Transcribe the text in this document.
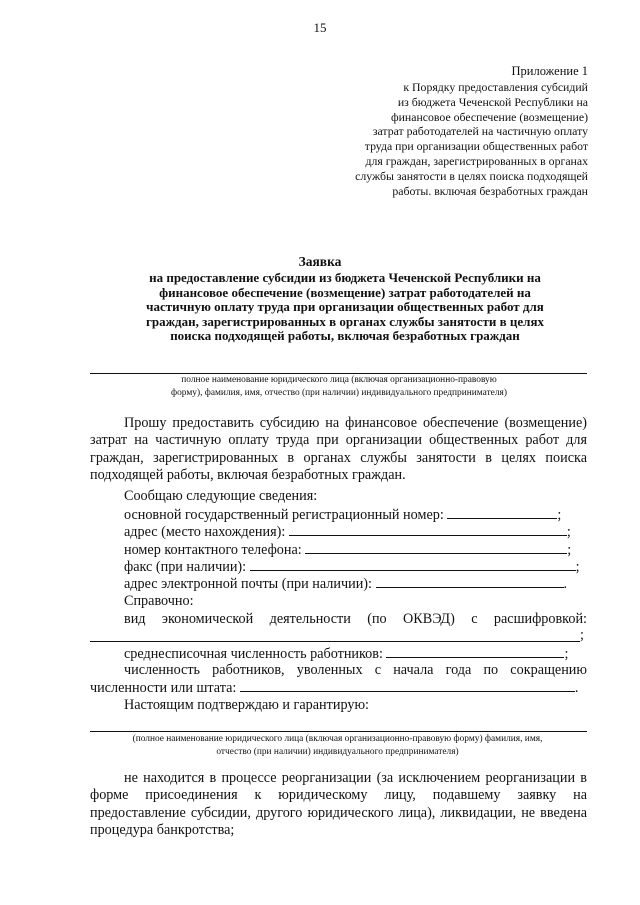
15
Приложение 1
к Порядку предоставления субсидий
из бюджета Чеченской Республики на
финансовое обеспечение (возмещение)
затрат работодателей на частичную оплату
труда при организации общественных работ
для граждан, зарегистрированных в органах
службы занятости в целях поиска подходящей
работы. включая безработных граждан
Заявка
на предоставление субсидии из бюджета Чеченской Республики на
финансовое обеспечение (возмещение) затрат работодателей на
частичную оплату труда при организации общественных работ для
граждан, зарегистрированных в органах службы занятости в целях
поиска подходящей работы, включая безработных граждан
полное наименование юридического лица (включая организационно-правовую
форму), фамилия, имя, отчество (при наличии) индивидуального предпринимателя)
Прошу предоставить субсидию на финансовое обеспечение (возмещение) затрат на частичную оплату труда при организации общественных работ для граждан, зарегистрированных в органах службы занятости в целях поиска подходящей работы, включая безработных граждан.
Сообщаю следующие сведения:
основной государственный регистрационный номер:	;
адрес (место нахождения):	;
номер контактного телефона:	;
факс (при наличии):	;
адрес электронной почты (при наличии):	.
Справочно:
вид экономической деятельности (по ОКВЭД) с расшифровкой:
;
среднесписочная численность работников:	;
численность работников, уволенных с начала года по сокращению
численности или штата:	.
Настоящим подтверждаю и гарантирую:
(полное наименование юридического лица (включая организационно-правовую форму) фамилия, имя,
отчество (при наличии) индивидуального предпринимателя)
не находится в процессе реорганизации (за исключением реорганизации в форме присоединения к юридическому лицу, подавшему заявку на предоставление субсидии, другого юридического лица), ликвидации, не введена процедура банкротства;
